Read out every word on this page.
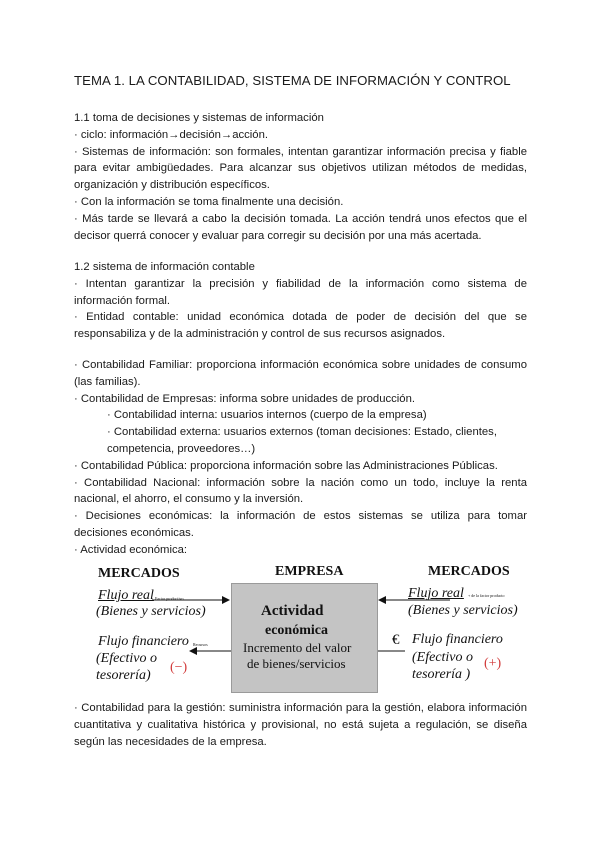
TEMA 1. LA CONTABILIDAD, SISTEMA DE INFORMACIÓN Y CONTROL
1.1 toma de decisiones y sistemas de información
· ciclo: información→decisión→acción.
· Sistemas de información: son formales, intentan garantizar información precisa y fiable para evitar ambigüedades. Para alcanzar sus objetivos utilizan métodos de medidas, organización y distribución específicos.
· Con la información se toma finalmente una decisión.
· Más tarde se llevará a cabo la decisión tomada. La acción tendrá unos efectos que el decisor querrá conocer y evaluar para corregir su decisión por una más acertada.
1.2 sistema de información contable
· Intentan garantizar la precisión y fiabilidad de la información como sistema de información formal.
· Entidad contable: unidad económica dotada de poder de decisión del que se responsabiliza y de la administración y control de sus recursos asignados.
· Contabilidad Familiar: proporciona información económica sobre unidades de consumo (las familias).
· Contabilidad de Empresas: informa sobre unidades de producción.
· Contabilidad interna: usuarios internos (cuerpo de la empresa)
· Contabilidad externa: usuarios externos (toman decisiones: Estado, clientes, competencia, proveedores…)
· Contabilidad Pública: proporciona información sobre las Administraciones Públicas.
· Contabilidad Nacional: información sobre la nación como un todo, incluye la renta nacional, el ahorro, el consumo y la inversión.
· Decisiones económicas: la información de estos sistemas se utiliza para tomar decisiones económicas.
· Actividad económica:
MERCADOS	EMPRESA	MERCADOS
Flujo real Factor productivo
(Bienes y servicios)
Flujo financiero Recursos
(Efectivo o
tesorería)
(−)
Actividad
económica
Incremento del valor
de bienes/servicios
Flujo real + de la factor producto
(Bienes y servicios)
€ Flujo financiero
(Efectivo o
tesorería )
(+)
· Contabilidad para la gestión: suministra información para la gestión, elabora información cuantitativa y cualitativa histórica y provisional, no está sujeta a regulación, se diseña según las necesidades de la empresa.
